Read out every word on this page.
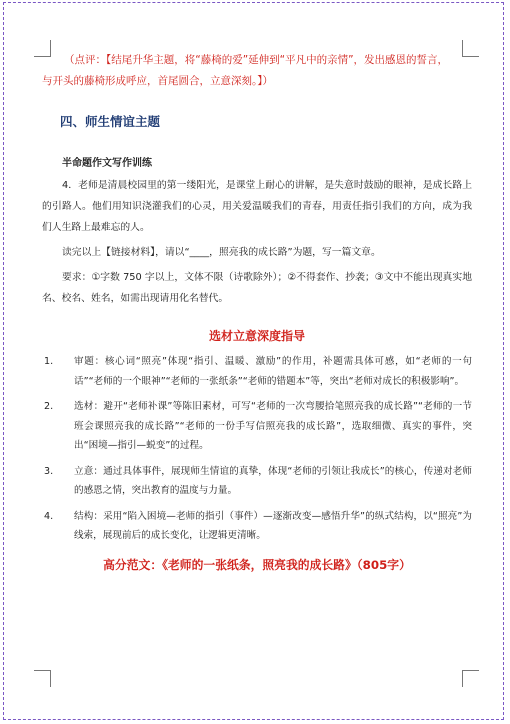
（点评：【结尾升华主题，将“藤椅的爱”延伸到“平凡中的亲情”，发出感恩的誓言，
与开头的藤椅形成呼应，首尾圆合，立意深刻。】）

四、师生情谊主题
半命题作文写作训练

4．老师是清晨校园里的第一缕阳光，是课堂上耐心的讲解，是失意时鼓励的眼神，是成长路上的引路人。他们用知识浇灌我们的心灵，用关爱温暖我们的青春，用责任指引我们的方向，成为我们人生路上最难忘的人。

读完以上【链接材料】，请以“____，照亮我的成长路”为题，写一篇文章。

要求：①字数 750 字以上，文体不限（诗歌除外）；②不得套作、抄袭；③文中不能出现真实地名、校名、姓名，如需出现请用化名替代。

选材立意深度指导
1.	审题：核心词“照亮”体现“指引、温暖、激励”的作用，补题需具体可感，如“老师的一句话”“老师的一个眼神”“老师的一张纸条”“老师的错题本”等，突出“老师对成长的积极影响”。
2.	选材：避开“老师补课”等陈旧素材，可写“老师的一次弯腰拾笔照亮我的成长路”“老师的一节班会课照亮我的成长路”“老师的一份手写信照亮我的成长路”，选取细微、真实的事件，突出“困境—指引—蜕变”的过程。
3.	立意：通过具体事件，展现师生情谊的真挚，体现“老师的引领让我成长”的核心，传递对老师的感恩之情，突出教育的温度与力量。
4.	结构：采用“陷入困境—老师的指引（事件）—逐渐改变—感悟升华”的纵式结构，以“照亮”为线索，展现前后的成长变化，让逻辑更清晰。
高分范文：《老师的一张纸条，照亮我的成长路》（805字）
